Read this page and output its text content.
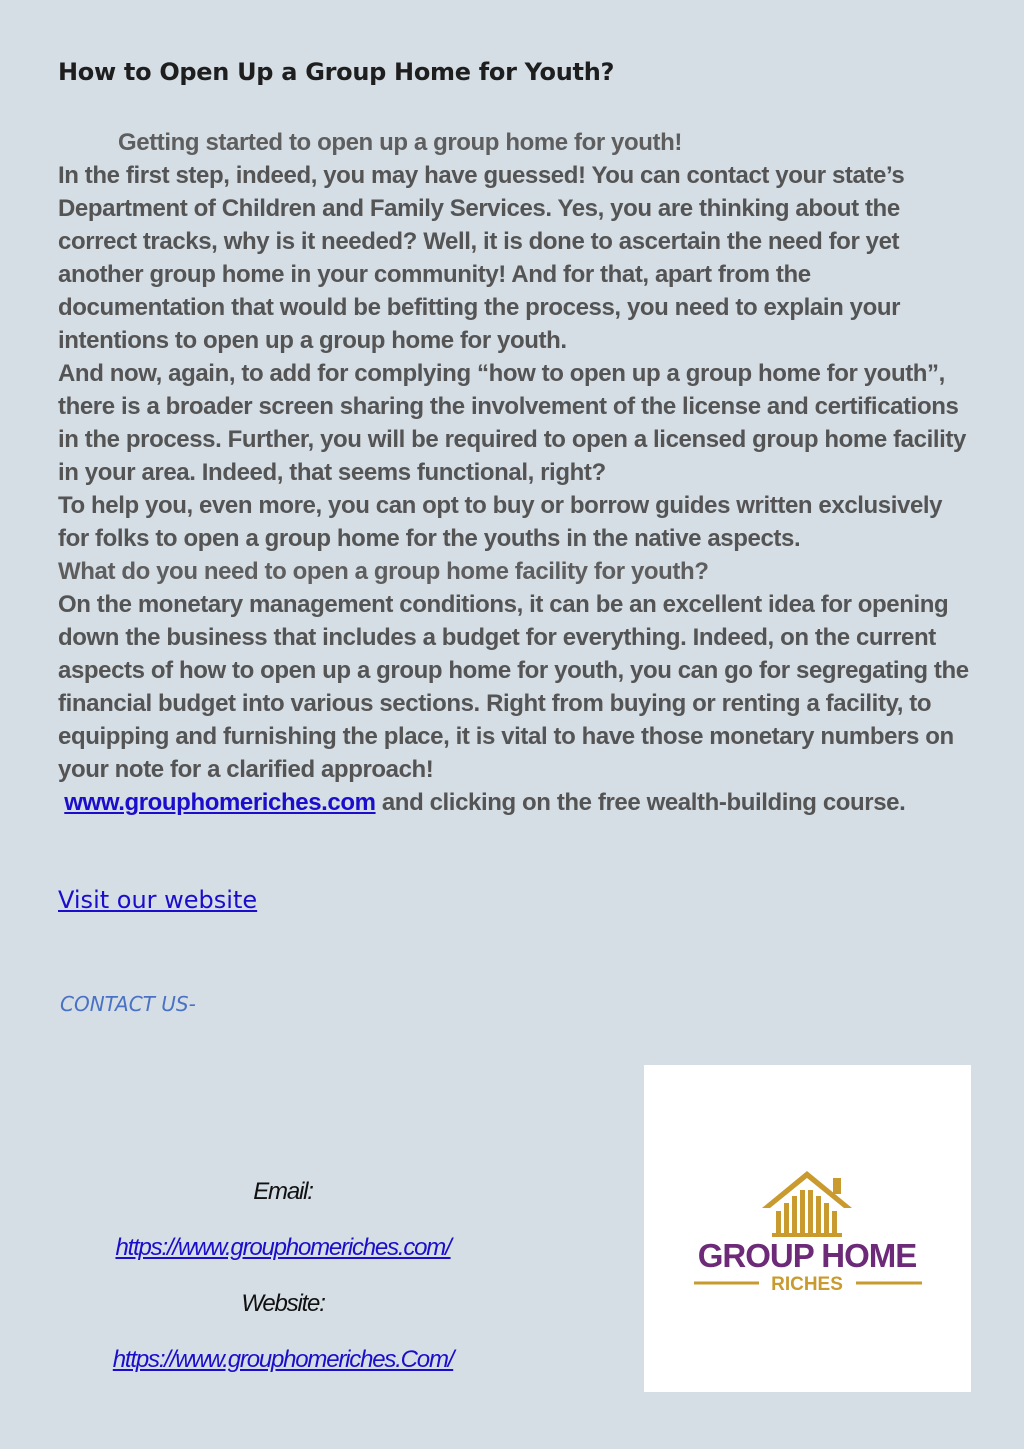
How to Open Up a Group Home for Youth?

Getting started to open up a group home for youth!

In the first step, indeed, you may have guessed! You can contact your state’s Department of Children and Family Services. Yes, you are thinking about the correct tracks, why is it needed? Well, it is done to ascertain the need for yet another group home in your community! And for that, apart from the documentation that would be befitting the process, you need to explain your intentions to open up a group home for youth.

And now, again, to add for complying “how to open up a group home for youth”, there is a broader screen sharing the involvement of the license and certifications in the process. Further, you will be required to open a licensed group home facility in your area. Indeed, that seems functional, right?

To help you, even more, you can opt to buy or borrow guides written exclusively for folks to open a group home for the youths in the native aspects.

What do you need to open a group home facility for youth?

On the monetary management conditions, it can be an excellent idea for opening down the business that includes a budget for everything. Indeed, on the current aspects of how to open up a group home for youth, you can go for segregating the financial budget into various sections. Right from buying or renting a facility, to equipping and furnishing the place, it is vital to have those monetary numbers on your note for a clarified approach!

www.grouphomeriches.com and clicking on the free wealth-building course.

Visit our website
CONTACT US-
Email:
https://www.grouphomeriches.com/
Website:
https://www.grouphomeriches.Com/
GROUP HOME
RICHES
